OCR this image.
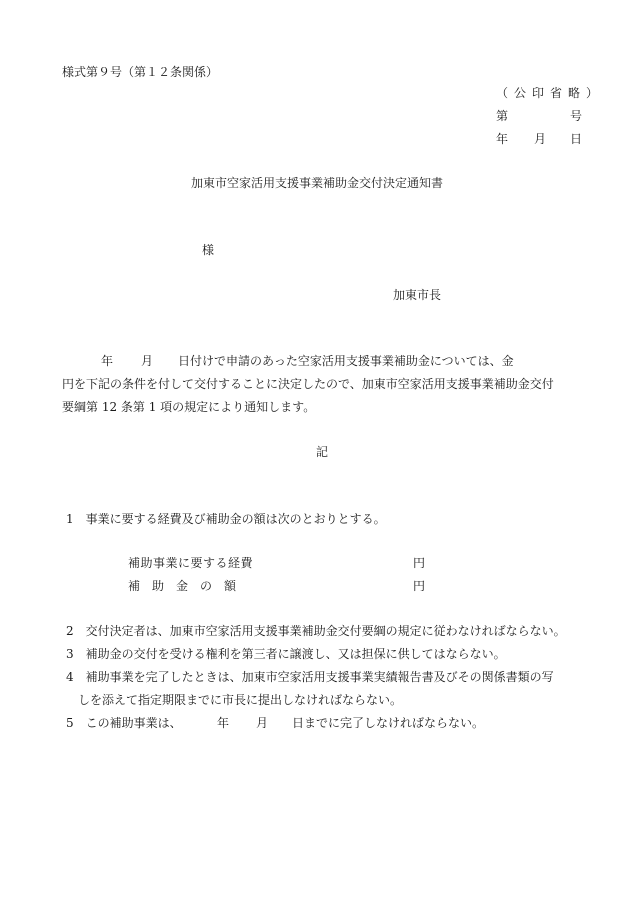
様式第９号（第１２条関係）
（公印省略）
第	号
年 月 日
加東市空家活用支援事業補助金交付決定通知書
様
加東市長
年 月 日付けで申請のあった空家活用支援事業補助金については、金
円を下記の条件を付して交付することに決定したので、加東市空家活用支援事業補助金交付
要綱第 12 条第 1 項の規定により通知します。
記
1　事業に要する経費及び補助金の額は次のとおりとする。
補助事業に要する経費	円
補　助　金　の　額	円
2　交付決定者は、加東市空家活用支援事業補助金交付要綱の規定に従わなければならない。
3　補助金の交付を受ける権利を第三者に譲渡し、又は担保に供してはならない。
4　補助事業を完了したときは、加東市空家活用支援事業実績報告書及びその関係書類の写
しを添えて指定期限までに市長に提出しなければならない。
5　この補助事業は、	年 月 日までに完了しなければならない。
